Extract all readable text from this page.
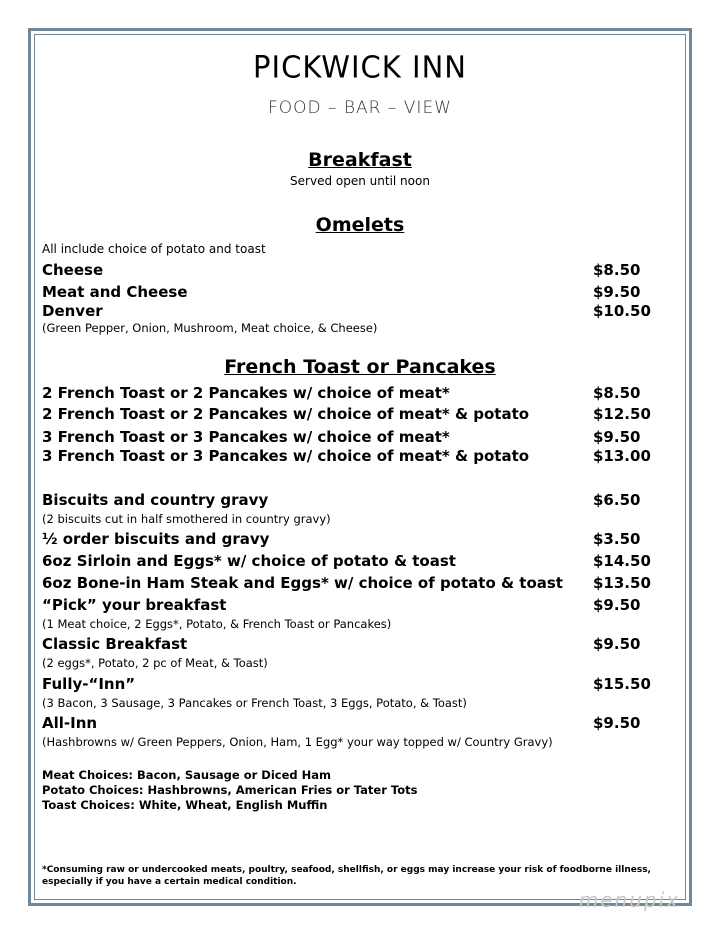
PICKWICK INN
FOOD – BAR – VIEW
Breakfast
Served open until noon
Omelets
All include choice of potato and toast
Cheese	$8.50
Meat and Cheese	$9.50
Denver	$10.50
(Green Pepper, Onion, Mushroom, Meat choice, & Cheese)
French Toast or Pancakes
2 French Toast or 2 Pancakes w/ choice of meat*	$8.50
2 French Toast or 2 Pancakes w/ choice of meat* & potato	$12.50
3 French Toast or 3 Pancakes w/ choice of meat*	$9.50
3 French Toast or 3 Pancakes w/ choice of meat* & potato	$13.00
Biscuits and country gravy	$6.50
(2 biscuits cut in half smothered in country gravy)
½ order biscuits and gravy	$3.50
6oz Sirloin and Eggs* w/ choice of potato & toast	$14.50
6oz Bone-in Ham Steak and Eggs* w/ choice of potato & toast $13.50
“Pick” your breakfast	$9.50
(1 Meat choice, 2 Eggs*, Potato, & French Toast or Pancakes)
Classic Breakfast	$9.50
(2 eggs*, Potato, 2 pc of Meat, & Toast)
Fully-“Inn”	$15.50
(3 Bacon, 3 Sausage, 3 Pancakes or French Toast, 3 Eggs, Potato, & Toast)
All-Inn	$9.50
(Hashbrowns w/ Green Peppers, Onion, Ham, 1 Egg* your way topped w/ Country Gravy)
Meat Choices: Bacon, Sausage or Diced Ham
Potato Choices: Hashbrowns, American Fries or Tater Tots
Toast Choices: White, Wheat, English Muffin
*Consuming raw or undercooked meats, poultry, seafood, shellfish, or eggs may increase your risk of foodborne illness, especially if you have a certain medical condition.
menupix
